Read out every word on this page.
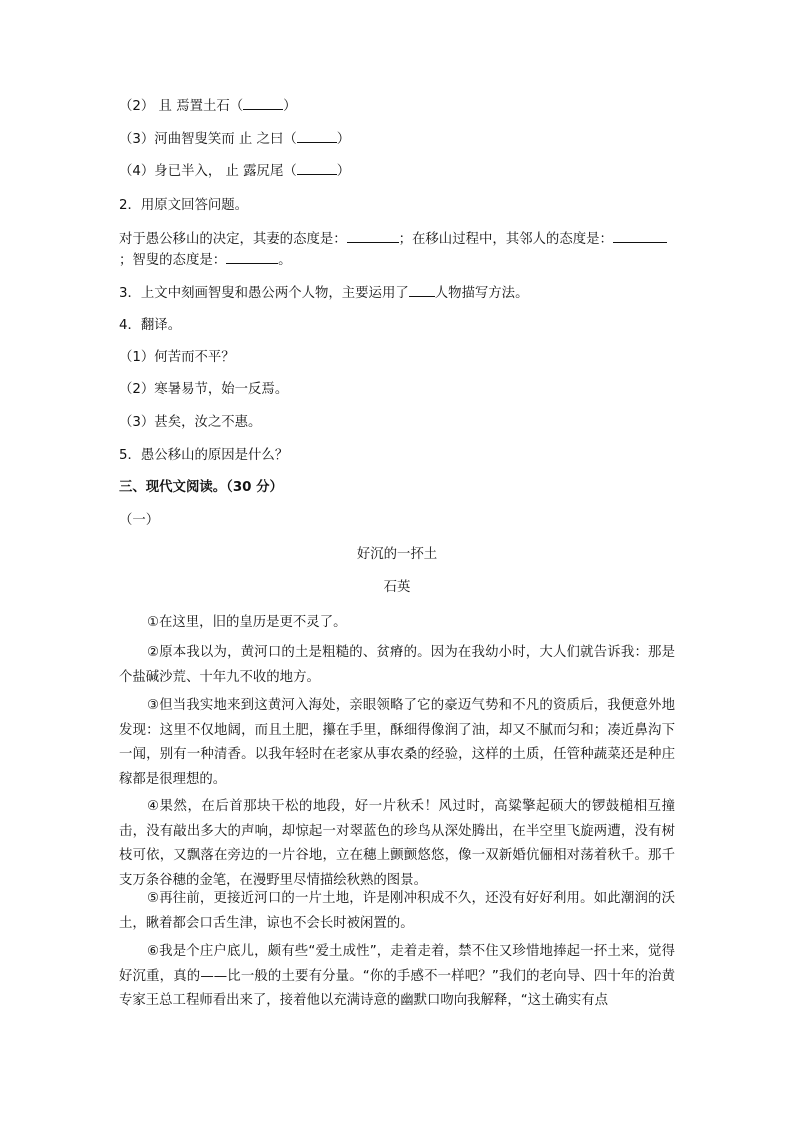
（2） 且 焉置土石（	）
（3）河曲智叟笑而 止 之曰（	）
（4）身已半入， 止 露尻尾（	）
2．用原文回答问题。
对于愚公移山的决定，其妻的态度是：	；在移山过程中，其邻人的态度是：
；智叟的态度是：	。
3．上文中刻画智叟和愚公两个人物，主要运用了 人物描写方法。
4．翻译。
（1）何苦而不平？
（2）寒暑易节，始一反焉。
（3）甚矣，汝之不惠。
5．愚公移山的原因是什么？
三、现代文阅读。（30 分）
（一）
好沉的一抔土
石英
①在这里，旧的皇历是更不灵了。
②原本我以为，黄河口的土是粗糙的、贫瘠的。因为在我幼小时，大人们就告诉我：那是个盐碱沙荒、十年九不收的地方。
③但当我实地来到这黄河入海处，亲眼领略了它的豪迈气势和不凡的资质后，我便意外地发现：这里不仅地阔，而且土肥，攥在手里，酥细得像润了油，却又不腻而匀和；凑近鼻沟下一闻，别有一种清香。以我年轻时在老家从事农桑的经验，这样的土质，任管种蔬菜还是种庄稼都是很理想的。
④果然，在后首那块干松的地段，好一片秋禾！风过时，高粱擎起硕大的锣鼓槌相互撞击，没有敲出多大的声响，却惊起一对翠蓝色的珍鸟从深处腾出，在半空里飞旋两遭，没有树枝可依，又飘落在旁边的一片谷地，立在穗上颤颤悠悠，像一双新婚伉俪相对荡着秋千。那千支万条谷穗的金笔，在漫野里尽情描绘秋熟的图景。
⑤再往前，更接近河口的一片土地，许是刚冲积成不久，还没有好好利用。如此潮润的沃土，瞅着都会口舌生津，谅也不会长时被闲置的。
⑥我是个庄户底儿，颇有些“爱土成性”，走着走着，禁不住又珍惜地捧起一抔土来，觉得好沉重，真的——比一般的土要有分量。“你的手感不一样吧？”我们的老向导、四十年的治黄专家王总工程师看出来了，接着他以充满诗意的幽默口吻向我解释，“这土确实有点
